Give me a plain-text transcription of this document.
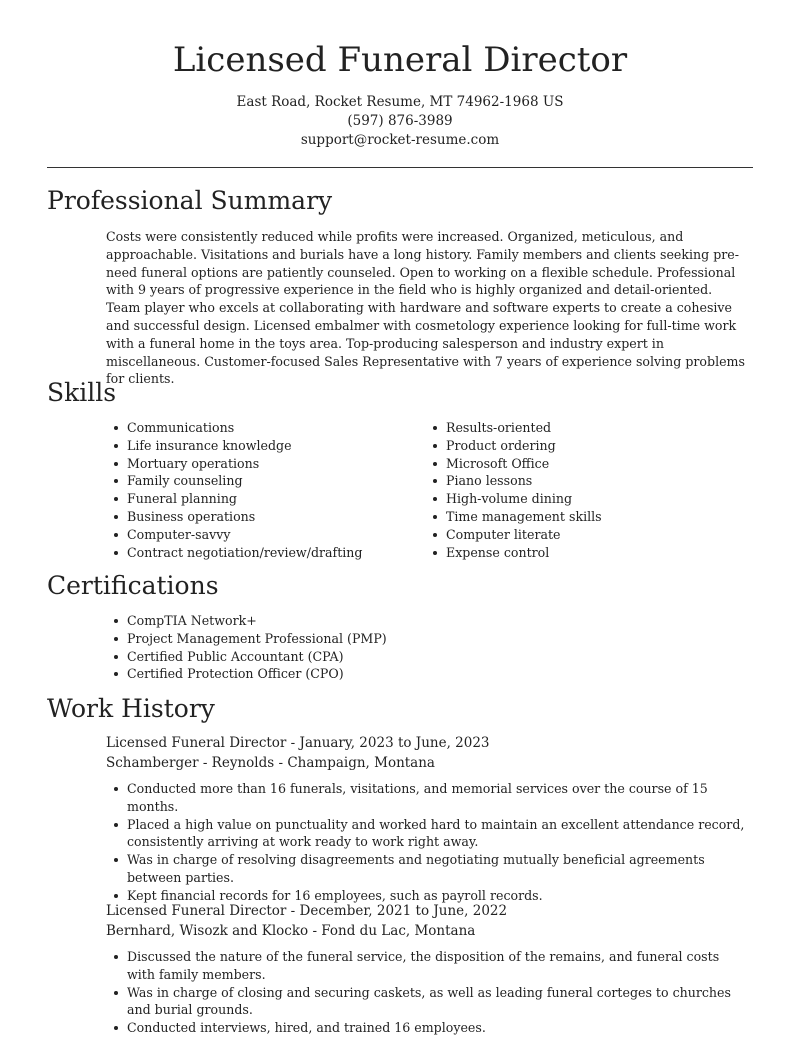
Licensed Funeral Director
East Road, Rocket Resume, MT 74962-1968 US
(597) 876-3989
support@rocket-resume.com
Professional Summary

Costs were consistently reduced while profits were increased. Organized, meticulous, and approachable. Visitations and burials have a long history. Family members and clients seeking pre-need funeral options are patiently counseled. Open to working on a flexible schedule. Professional with 9 years of progressive experience in the field who is highly organized and detail-oriented. Team player who excels at collaborating with hardware and software experts to create a cohesive and successful design. Licensed embalmer with cosmetology experience looking for full-time work with a funeral home in the toys area. Top-producing salesperson and industry expert in miscellaneous. Customer-focused Sales Representative with 7 years of experience solving problems for clients.

Skills
Communications
Life insurance knowledge
Mortuary operations
Family counseling
Funeral planning
Business operations
Computer-savvy
Contract negotiation/review/drafting
Results-oriented
Product ordering
Microsoft Office
Piano lessons
High-volume dining
Time management skills
Computer literate
Expense control
Certifications
CompTIA Network+
Project Management Professional (PMP)
Certified Public Accountant (CPA)
Certified Protection Officer (CPO)
Work History
Licensed Funeral Director - January, 2023 to June, 2023
Schamberger - Reynolds - Champaign, Montana
Conducted more than 16 funerals, visitations, and memorial services over the course of 15 months.
Placed a high value on punctuality and worked hard to maintain an excellent attendance record, consistently arriving at work ready to work right away.
Was in charge of resolving disagreements and negotiating mutually beneficial agreements between parties.
Kept financial records for 16 employees, such as payroll records.
Licensed Funeral Director - December, 2021 to June, 2022
Bernhard, Wisozk and Klocko - Fond du Lac, Montana
Discussed the nature of the funeral service, the disposition of the remains, and funeral costs with family members.
Was in charge of closing and securing caskets, as well as leading funeral corteges to churches and burial grounds.
Conducted interviews, hired, and trained 16 employees.
